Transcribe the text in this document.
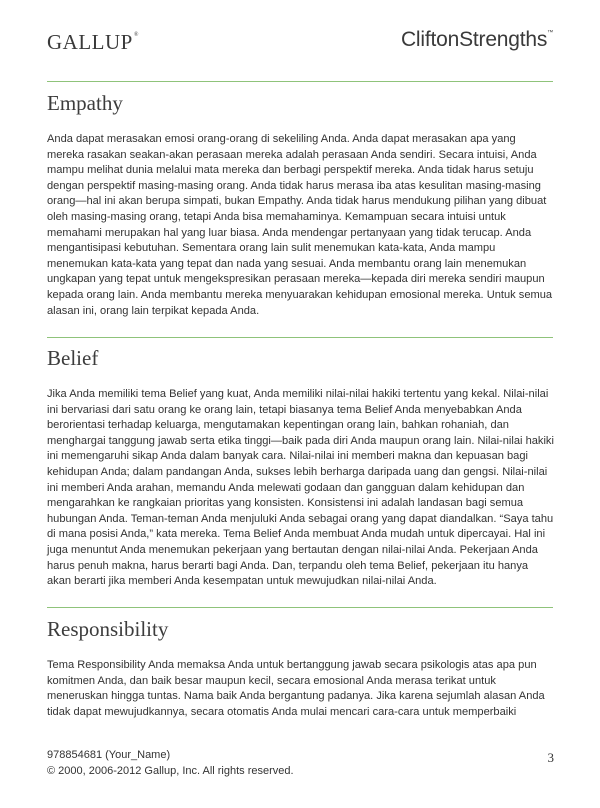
GALLUP®	CliftonStrengths™
Empathy

Anda dapat merasakan emosi orang-orang di sekeliling Anda. Anda dapat merasakan apa yang mereka rasakan seakan-akan perasaan mereka adalah perasaan Anda sendiri. Secara intuisi, Anda mampu melihat dunia melalui mata mereka dan berbagi perspektif mereka. Anda tidak harus setuju dengan perspektif masing-masing orang. Anda tidak harus merasa iba atas kesulitan masing-masing orang—hal ini akan berupa simpati, bukan Empathy. Anda tidak harus mendukung pilihan yang dibuat oleh masing-masing orang, tetapi Anda bisa memahaminya. Kemampuan secara intuisi untuk memahami merupakan hal yang luar biasa. Anda mendengar pertanyaan yang tidak terucap. Anda mengantisipasi kebutuhan. Sementara orang lain sulit menemukan kata-kata, Anda mampu menemukan kata-kata yang tepat dan nada yang sesuai. Anda membantu orang lain menemukan ungkapan yang tepat untuk mengekspresikan perasaan mereka—kepada diri mereka sendiri maupun kepada orang lain. Anda membantu mereka menyuarakan kehidupan emosional mereka. Untuk semua alasan ini, orang lain terpikat kepada Anda.

Belief

Jika Anda memiliki tema Belief yang kuat, Anda memiliki nilai-nilai hakiki tertentu yang kekal. Nilai-nilai ini bervariasi dari satu orang ke orang lain, tetapi biasanya tema Belief Anda menyebabkan Anda berorientasi terhadap keluarga, mengutamakan kepentingan orang lain, bahkan rohaniah, dan menghargai tanggung jawab serta etika tinggi—baik pada diri Anda maupun orang lain. Nilai-nilai hakiki ini memengaruhi sikap Anda dalam banyak cara. Nilai-nilai ini memberi makna dan kepuasan bagi kehidupan Anda; dalam pandangan Anda, sukses lebih berharga daripada uang dan gengsi. Nilai-nilai ini memberi Anda arahan, memandu Anda melewati godaan dan gangguan dalam kehidupan dan mengarahkan ke rangkaian prioritas yang konsisten. Konsistensi ini adalah landasan bagi semua hubungan Anda. Teman-teman Anda menjuluki Anda sebagai orang yang dapat diandalkan. “Saya tahu di mana posisi Anda,” kata mereka. Tema Belief Anda membuat Anda mudah untuk dipercayai. Hal ini juga menuntut Anda menemukan pekerjaan yang bertautan dengan nilai-nilai Anda. Pekerjaan Anda harus penuh makna, harus berarti bagi Anda. Dan, terpandu oleh tema Belief, pekerjaan itu hanya akan berarti jika memberi Anda kesempatan untuk mewujudkan nilai-nilai Anda.

Responsibility

Tema Responsibility Anda memaksa Anda untuk bertanggung jawab secara psikologis atas apa pun komitmen Anda, dan baik besar maupun kecil, secara emosional Anda merasa terikat untuk meneruskan hingga tuntas. Nama baik Anda bergantung padanya. Jika karena sejumlah alasan Anda tidak dapat mewujudkannya, secara otomatis Anda mulai mencari cara-cara untuk memperbaiki

978854681 (Your_Name)
© 2000, 2006-2012 Gallup, Inc. All rights reserved.
3
